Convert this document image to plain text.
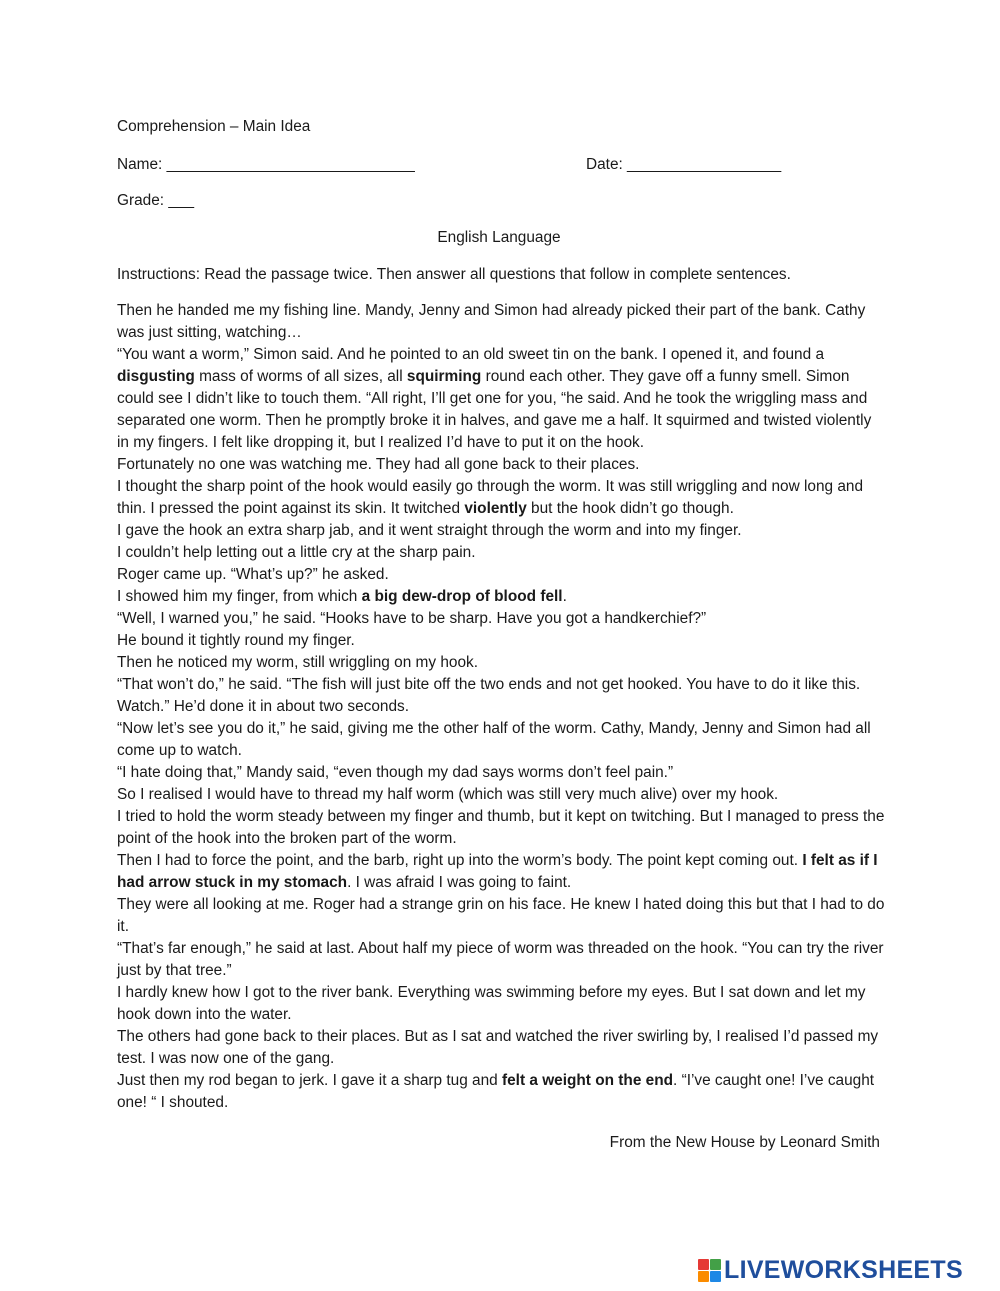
Comprehension – Main Idea
Name: _____________________________	Date: __________________
Grade: ___
English Language
Instructions: Read the passage twice. Then answer all questions that follow in complete sentences.

Then he handed me my fishing line. Mandy, Jenny and Simon had already picked their part of the bank. Cathy was just sitting, watching…

“You want a worm,” Simon said. And he pointed to an old sweet tin on the bank. I opened it, and found a disgusting mass of worms of all sizes, all squirming round each other. They gave off a funny smell. Simon could see I didn’t like to touch them. “All right, I’ll get one for you, “he said. And he took the wriggling mass and separated one worm. Then he promptly broke it in halves, and gave me a half. It squirmed and twisted violently in my fingers. I felt like dropping it, but I realized I’d have to put it on the hook.

Fortunately no one was watching me. They had all gone back to their places.

I thought the sharp point of the hook would easily go through the worm. It was still wriggling and now long and thin. I pressed the point against its skin. It twitched violently but the hook didn’t go though.

I gave the hook an extra sharp jab, and it went straight through the worm and into my finger.

I couldn’t help letting out a little cry at the sharp pain.

Roger came up. “What’s up?” he asked.

I showed him my finger, from which a big dew-drop of blood fell.

“Well, I warned you,” he said. “Hooks have to be sharp. Have you got a handkerchief?”

He bound it tightly round my finger.

Then he noticed my worm, still wriggling on my hook.

“That won’t do,” he said. “The fish will just bite off the two ends and not get hooked. You have to do it like this. Watch.” He’d done it in about two seconds.

“Now let’s see you do it,” he said, giving me the other half of the worm. Cathy, Mandy, Jenny and Simon had all come up to watch.

“I hate doing that,” Mandy said, “even though my dad says worms don’t feel pain.”

So I realised I would have to thread my half worm (which was still very much alive) over my hook.

I tried to hold the worm steady between my finger and thumb, but it kept on twitching. But I managed to press the point of the hook into the broken part of the worm.

Then I had to force the point, and the barb, right up into the worm’s body. The point kept coming out. I felt as if I had arrow stuck in my stomach. I was afraid I was going to faint.

They were all looking at me. Roger had a strange grin on his face. He knew I hated doing this but that I had to do it.

“That’s far enough,” he said at last. About half my piece of worm was threaded on the hook. “You can try the river just by that tree.”

I hardly knew how I got to the river bank. Everything was swimming before my eyes. But I sat down and let my hook down into the water.

The others had gone back to their places. But as I sat and watched the river swirling by, I realised I’d passed my test. I was now one of the gang.

Just then my rod began to jerk. I gave it a sharp tug and felt a weight on the end. “I’ve caught one! I’ve caught one! “ I shouted.

From the New House by Leonard Smith
LIVEWORKSHEETS
